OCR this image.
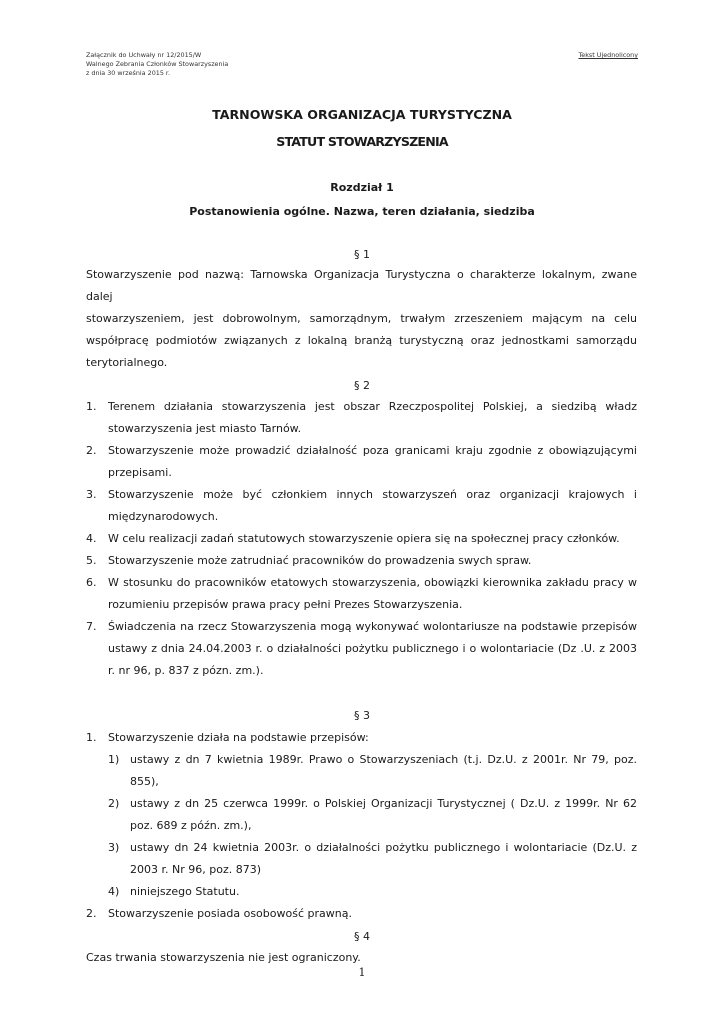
Załącznik do Uchwały nr 12/2015/W
Walnego Zebrania Członków Stowarzyszenia
z dnia 30 września 2015 r.
Tekst Ujednolicony
TARNOWSKA ORGANIZACJA TURYSTYCZNA
STATUT STOWARZYSZENIA
Rozdział 1
Postanowienia ogólne. Nazwa, teren działania, siedziba
§ 1
Stowarzyszenie pod nazwą: Tarnowska Organizacja Turystyczna o charakterze lokalnym, zwane dalej
stowarzyszeniem, jest dobrowolnym, samorządnym, trwałym zrzeszeniem mającym na celu
współpracę podmiotów związanych z lokalną branżą turystyczną oraz jednostkami samorządu
terytorialnego.
§ 2
1. Terenem działania stowarzyszenia jest obszar Rzeczpospolitej Polskiej, a siedzibą władz stowarzyszenia jest miasto Tarnów.
2. Stowarzyszenie może prowadzić działalność poza granicami kraju zgodnie z obowiązującymi przepisami.
3. Stowarzyszenie może być członkiem innych stowarzyszeń oraz organizacji krajowych i międzynarodowych.
4. W celu realizacji zadań statutowych stowarzyszenie opiera się na społecznej pracy członków.
5. Stowarzyszenie może zatrudniać pracowników do prowadzenia swych spraw.
6. W stosunku do pracowników etatowych stowarzyszenia, obowiązki kierownika zakładu pracy w rozumieniu przepisów prawa pracy pełni Prezes Stowarzyszenia.
7. Świadczenia na rzecz Stowarzyszenia mogą wykonywać wolontariusze na podstawie przepisów ustawy z dnia 24.04.2003 r. o działalności pożytku publicznego i o wolontariacie (Dz .U. z 2003 r. nr 96, p. 837 z pózn. zm.).
§ 3
1. Stowarzyszenie działa na podstawie przepisów:
1) ustawy z dn 7 kwietnia 1989r. Prawo o Stowarzyszeniach (t.j. Dz.U. z 2001r. Nr 79, poz. 855),
2) ustawy z dn 25 czerwca 1999r. o Polskiej Organizacji Turystycznej ( Dz.U. z 1999r. Nr 62 poz. 689 z późn. zm.),
3) ustawy dn 24 kwietnia 2003r. o działalności pożytku publicznego i wolontariacie (Dz.U. z 2003 r. Nr 96, poz. 873)
4) niniejszego Statutu.
2. Stowarzyszenie posiada osobowość prawną.
§ 4
Czas trwania stowarzyszenia nie jest ograniczony.
1
